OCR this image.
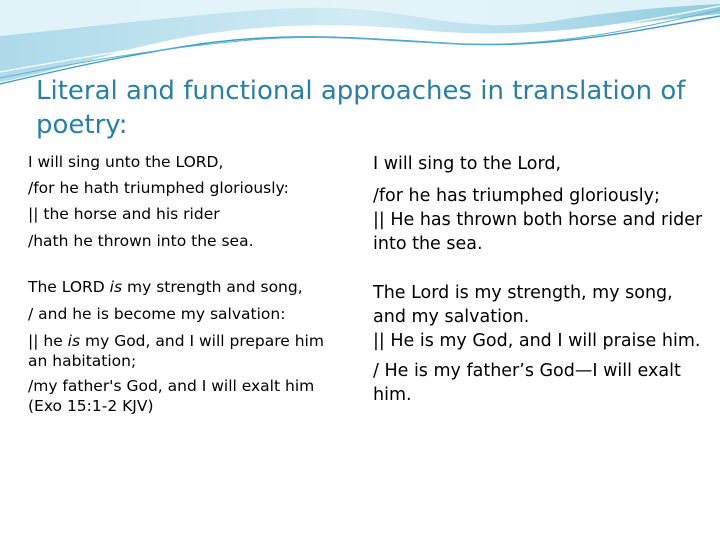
Literal and functional approaches in translation of poetry:

I will sing unto the LORD,

/for he hath triumphed gloriously:

|| the horse and his rider

/hath he thrown into the sea.

The LORD is my strength and song,

/ and he is become my salvation:

|| he is my God, and I will prepare him an habitation;

/my father's God, and I will exalt him (Exo 15:1-2 KJV)

I will sing to the Lord,

/for he has triumphed gloriously;

|| He has thrown both horse and rider into the sea.

The Lord is my strength, my song, and my salvation.

|| He is my God, and I will praise him.

/ He is my father’s God—I will exalt him.
